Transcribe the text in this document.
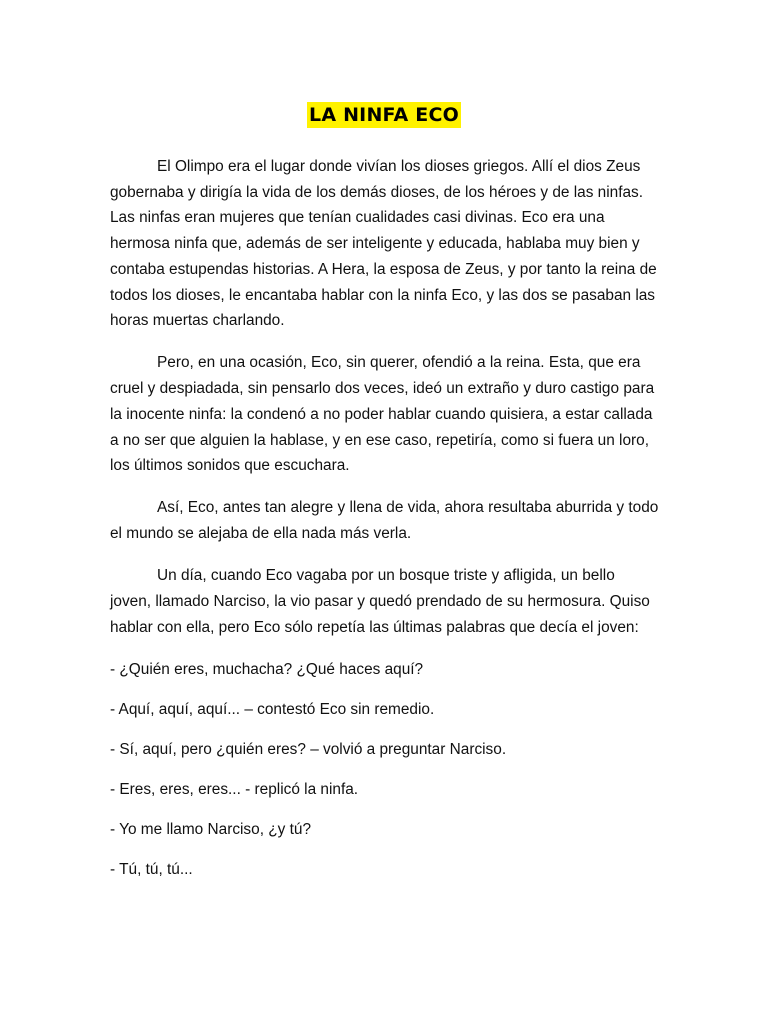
LA NINFA ECO

El Olimpo era el lugar donde vivían los dioses griegos. Allí el dios Zeus gobernaba y dirigía la vida de los demás dioses, de los héroes y de las ninfas. Las ninfas eran mujeres que tenían cualidades casi divinas. Eco era una hermosa ninfa que, además de ser inteligente y educada, hablaba muy bien y contaba estupendas historias. A Hera, la esposa de Zeus, y por tanto la reina de todos los dioses, le encantaba hablar con la ninfa Eco, y las dos se pasaban las horas muertas charlando.

Pero, en una ocasión, Eco, sin querer, ofendió a la reina. Esta, que era cruel y despiadada, sin pensarlo dos veces, ideó un extraño y duro castigo para la inocente ninfa: la condenó a no poder hablar cuando quisiera, a estar callada a no ser que alguien la hablase, y en ese caso, repetiría, como si fuera un loro, los últimos sonidos que escuchara.

Así, Eco, antes tan alegre y llena de vida, ahora resultaba aburrida y todo el mundo se alejaba de ella nada más verla.

Un día, cuando Eco vagaba por un bosque triste y afligida, un bello joven, llamado Narciso, la vio pasar y quedó prendado de su hermosura. Quiso hablar con ella, pero Eco sólo repetía las últimas palabras que decía el joven:

- ¿Quién eres, muchacha? ¿Qué haces aquí?

- Aquí, aquí, aquí... – contestó Eco sin remedio.

- Sí, aquí, pero ¿quién eres? – volvió a preguntar Narciso.

- Eres, eres, eres... - replicó la ninfa.

- Yo me llamo Narciso, ¿y tú?

- Tú, tú, tú...
